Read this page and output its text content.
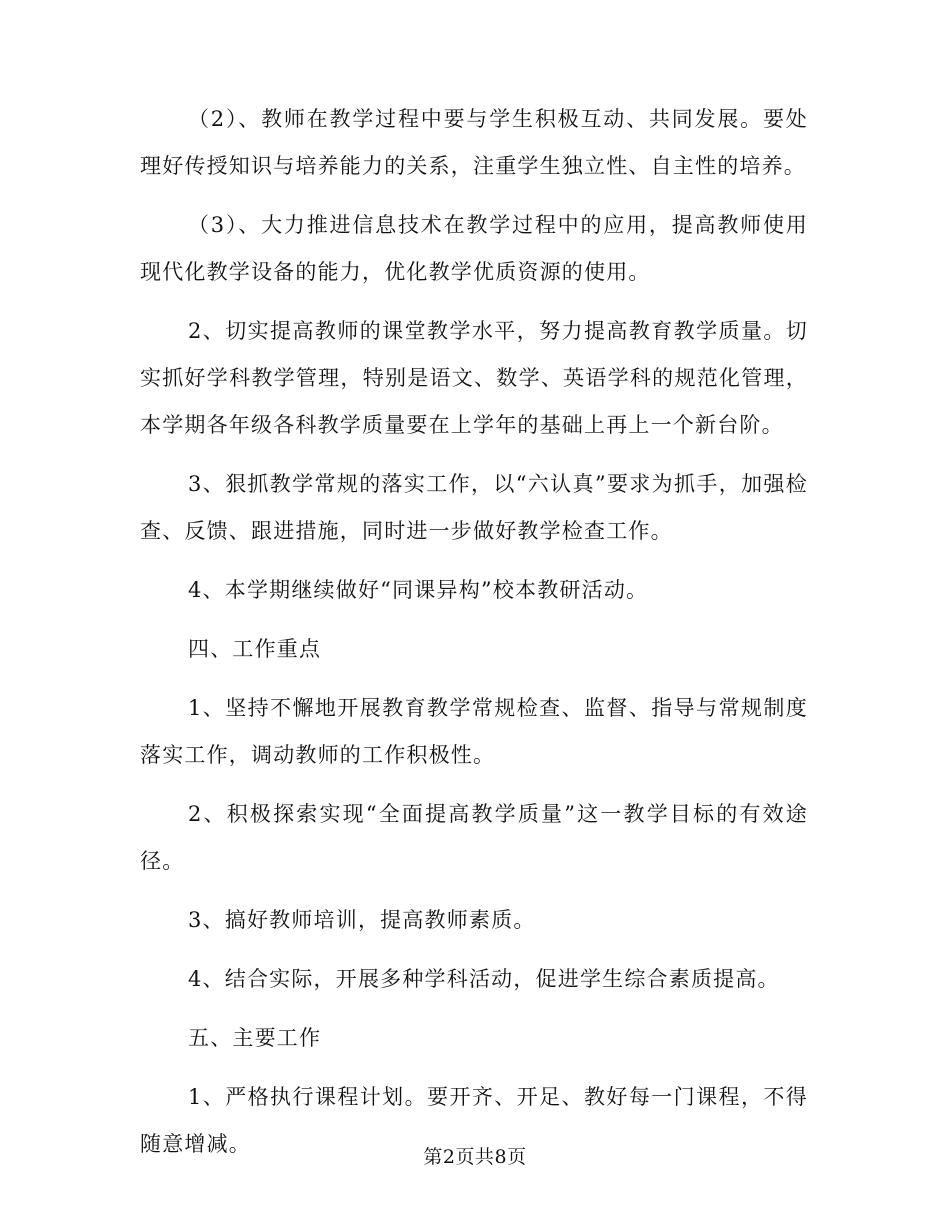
（2）、教师在教学过程中要与学生积极互动、共同发展。要处理好传授知识与培养能力的关系，注重学生独立性、自主性的培养。

（3）、大力推进信息技术在教学过程中的应用，提高教师使用现代化教学设备的能力，优化教学优质资源的使用。

2、切实提高教师的课堂教学水平，努力提高教育教学质量。切实抓好学科教学管理，特别是语文、数学、英语学科的规范化管理，本学期各年级各科教学质量要在上学年的基础上再上一个新台阶。

3、狠抓教学常规的落实工作，以“六认真”要求为抓手，加强检查、反馈、跟进措施，同时进一步做好教学检查工作。

4、本学期继续做好“同课异构”校本教研活动。

四、工作重点

1、坚持不懈地开展教育教学常规检查、监督、指导与常规制度落实工作，调动教师的工作积极性。

2、积极探索实现“全面提高教学质量”这一教学目标的有效途径。

3、搞好教师培训，提高教师素质。

4、结合实际，开展多种学科活动，促进学生综合素质提高。

五、主要工作

1、严格执行课程计划。要开齐、开足、教好每一门课程，不得随意增减。

第2页共8页
